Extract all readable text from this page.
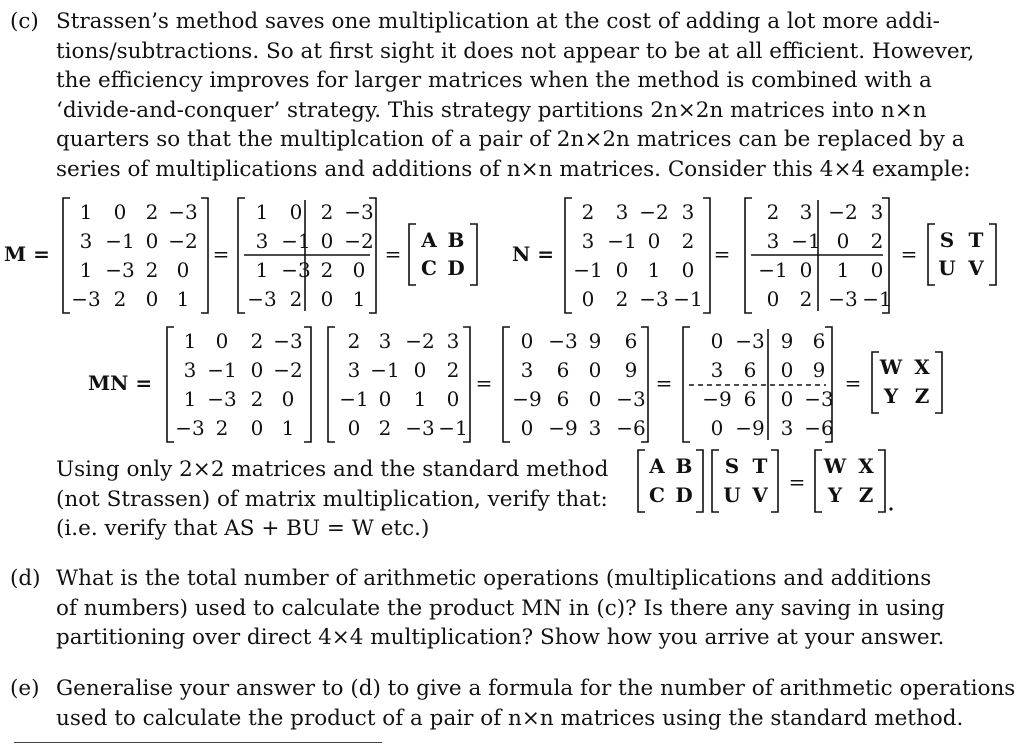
(c) Strassen’s method saves one multiplication at the cost of adding a lot more addi-
tions/subtractions. So at first sight it does not appear to be at all efficient. However,
the efficiency improves for larger matrices when the method is combined with a
‘divide-and-conquer’ strategy. This strategy partitions 2n×2n matrices into n×n
quarters so that the multiplcation of a pair of 2n×2n matrices can be replaced by a
series of multiplications and additions of n×n matrices. Consider this 4×4 example:
M =
1 0 2 −3
3 −1 0 −2
1 −3 2 0
−3 2 0 1
=
1 0 2 −3
3 −1 0 −2
1 −3 2 0
−3 2 0 1
=
A B
C D
N =
2 3 −2 3
3 −1 0 2
−1 0 1 0
0 2 −3 −1
=
2 3 −2 3
3 −1 0 2
−1 0 1 0
0 2 −3 −1
=
S T
U V
MN =
1 0 2 −3
3 −1 0 −2
1 −3 2 0
−3 2 0 1
2 3 −2 3
3 −1 0 2
−1 0 1 0
0 2 −3 −1
=
0 −3 9 6
3 6 0 9
−9 6 0 −3
0 −9 3 −6
=
0 −3 9 6
3 6 0 9
−9 6 0 −3
0 −9 3 −6
=
W X
Y Z
A B
C D
S T
U V
=
W X
Y Z
Using only 2×2 matrices and the standard method
(not Strassen) of matrix multiplication, verify that:
(i.e. verify that AS + BU = W etc.)
(d) What is the total number of arithmetic operations (multiplications and additions
of numbers) used to calculate the product MN in (c)? Is there any saving in using
partitioning over direct 4×4 multiplication? Show how you arrive at your answer.
(e) Generalise your answer to (d) to give a formula for the number of arithmetic operations
used to calculate the product of a pair of n×n matrices using the standard method.
